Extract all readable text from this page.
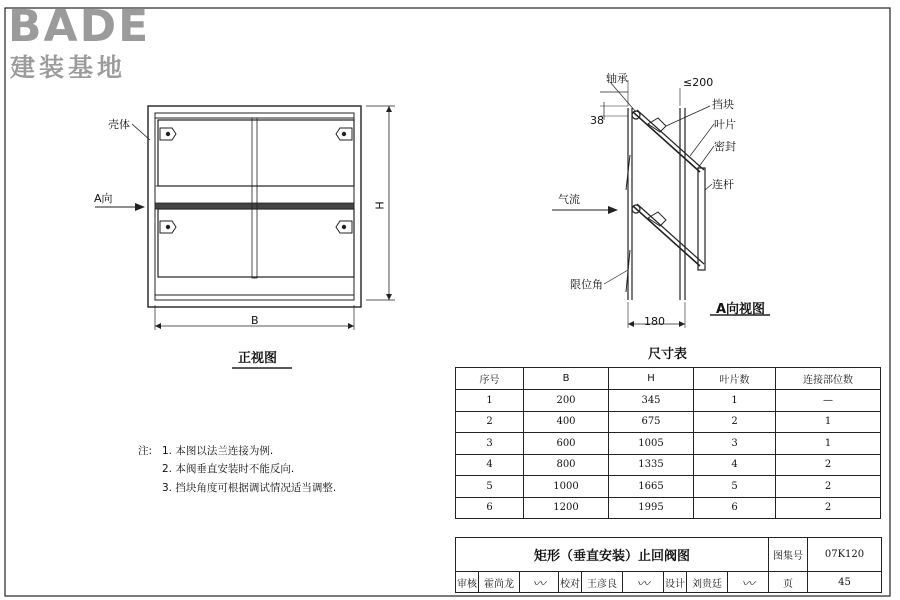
BADE
建装基地
壳体
A向
H
B
正视图
轴承	≤200
38
挡块
叶片
密封
连杆
气流
限位角
180
A向视图
尺寸表
序号	B	H	叶片数	连接部位数
1	200	345	1	—
2	400	675	2	1
3	600	1005	3	1
4	800	1335	4	2
5	1000	1665	5	2
6	1200	1995	6	2
注: 1. 本图以法兰连接为例.
2. 本阀垂直安装时不能反向.
3. 挡块角度可根据调试情况适当调整.
矩形（垂直安装）止回阀图	图集号	07K120
审核 霍尚龙	〰	校对 王彦良	〰	设计 刘贵廷	〰	页	45
